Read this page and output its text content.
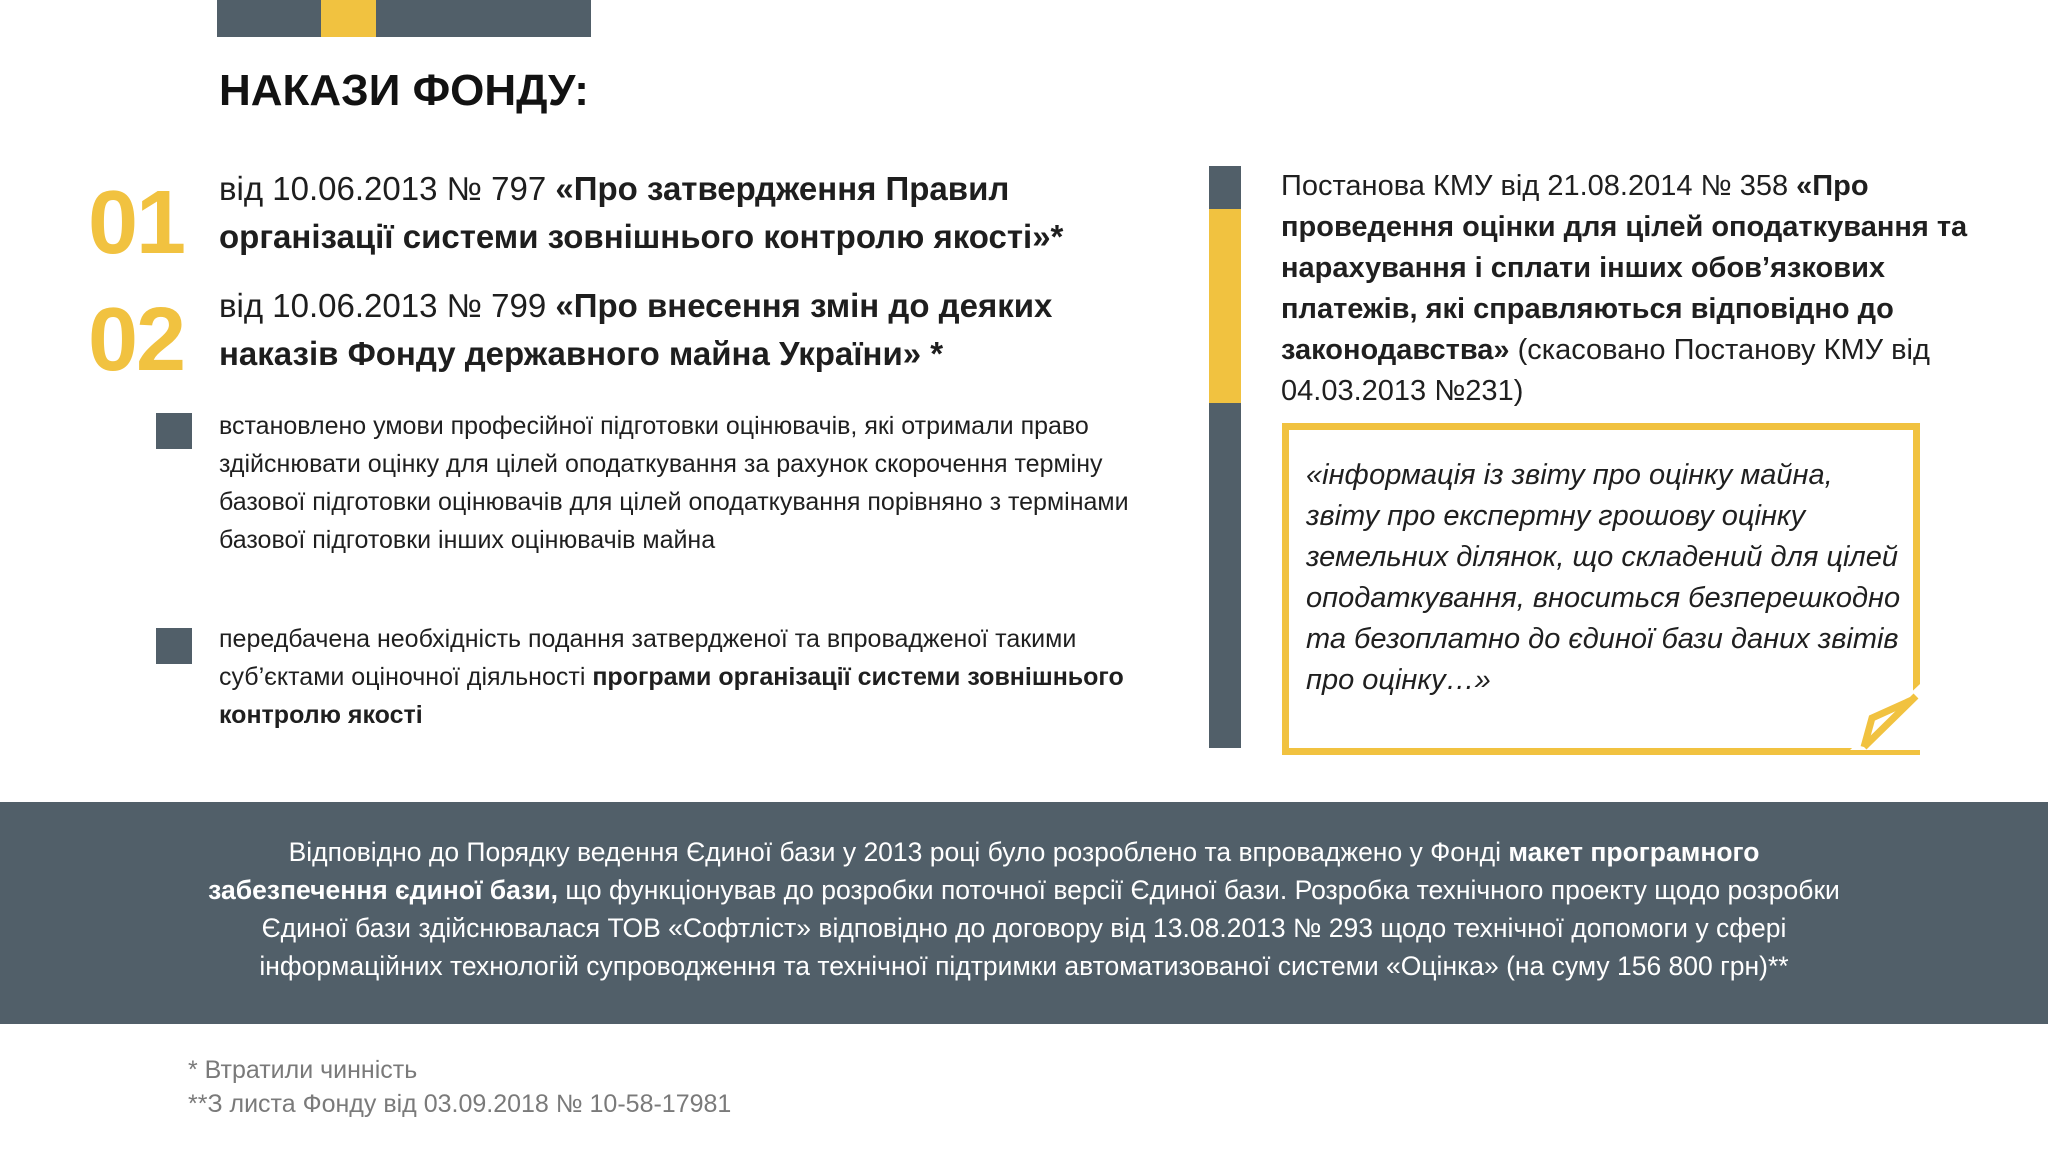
НАКАЗИ ФОНДУ:
01 від 10.06.2013 № 797 «Про затвердження Правил організації системи зовнішнього контролю якості»*
02 від 10.06.2013 № 799 «Про внесення змін до деяких наказів Фонду державного майна України» *
встановлено умови професійної підготовки оцінювачів, які отримали право здійснювати оцінку для цілей оподаткування за рахунок скорочення терміну базової підготовки оцінювачів для цілей оподаткування порівняно з термінами базової підготовки інших оцінювачів майна
передбачена необхідність подання затвердженої та впровадженої такими суб’єктами оціночної діяльності програми організації системи зовнішнього контролю якості
Постанова КМУ від 21.08.2014 № 358 «Про проведення оцінки для цілей оподаткування та нарахування і сплати інших обов’язкових платежів, які справляються відповідно до законодавства» (скасовано Постанову КМУ від 04.03.2013 №231)
«інформація із звіту про оцінку майна, звіту про експертну грошову оцінку земельних ділянок, що складений для цілей оподаткування, вноситься безперешкодно та безоплатно до єдиної бази даних звітів про оцінку…»
Відповідно до Порядку ведення Єдиної бази у 2013 році було розроблено та впроваджено у Фонді макет програмного забезпечення єдиної бази, що функціонував до розробки поточної версії Єдиної бази. Розробка технічного проекту щодо розробки Єдиної бази здійснювалася ТОВ «Софтліст» відповідно до договору від 13.08.2013 № 293 щодо технічної допомоги у сфері інформаційних технологій супроводження та технічної підтримки автоматизованої системи «Оцінка» (на суму 156 800 грн)**
* Втратили чинність
**З листа Фонду від 03.09.2018 № 10-58-17981
